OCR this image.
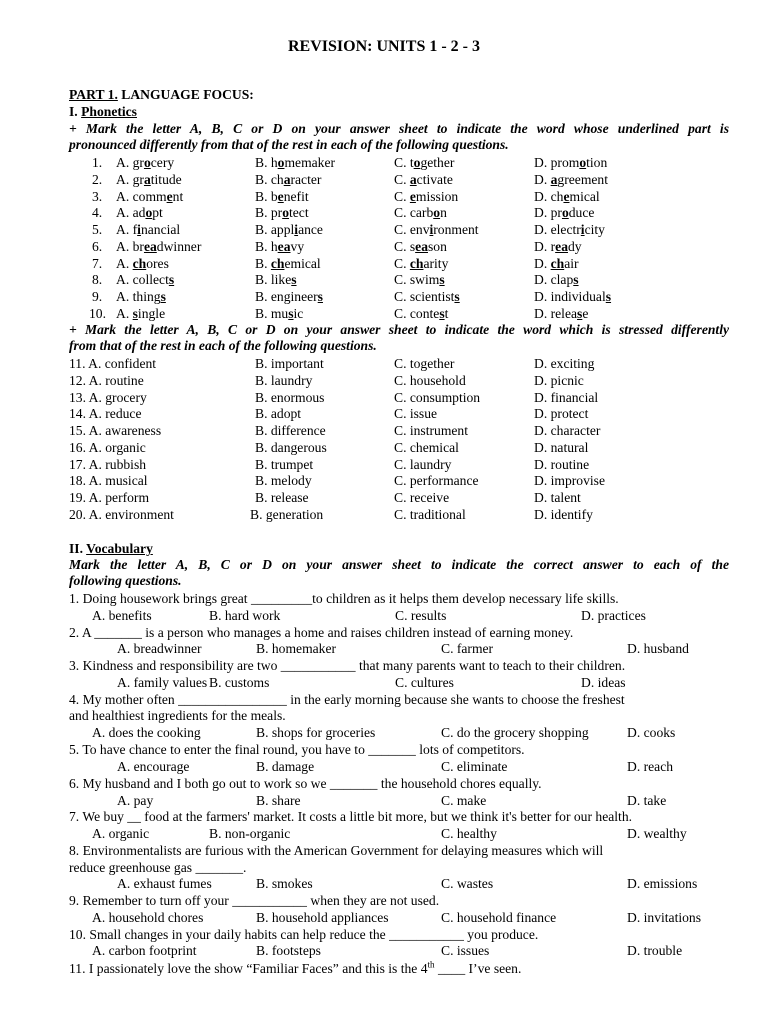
REVISION: UNITS 1 - 2 - 3
PART 1. LANGUAGE FOCUS:
I. Phonetics
+ Mark the letter A, B, C or D on your answer sheet to indicate the word whose underlined part is
pronounced differently from that of the rest in each of the following questions.
1. A. grocery	B. homemaker	C. together	D. promotion
2. A. gratitude	B. character	C. activate	D. agreement
3. A. comment	B. benefit	C. emission	D. chemical
4. A. adopt	B. protect	C. carbon	D. produce
5. A. financial	B. appliance	C. environment	D. electricity
6. A. breadwinner	B. heavy	C. season	D. ready
7. A. chores	B. chemical	C. charity	D. chair
8. A. collects	B. likes	C. swims	D. claps
9. A. things	B. engineers	C. scientists	D. individuals
10. A. single	B. music	C. contest	D. release
+ Mark the letter A, B, C or D on your answer sheet to indicate the word which is stressed differently
from that of the rest in each of the following questions.
11. A. confident	B. important	C. together	D. exciting
12. A. routine	B. laundry	C. household	D. picnic
13. A. grocery	B. enormous	C. consumption	D. financial
14. A. reduce	B. adopt	C. issue	D. protect
15. A. awareness	B. difference	C. instrument	D. character
16. A. organic	B. dangerous	C. chemical	D. natural
17. A. rubbish	B. trumpet	C. laundry	D. routine
18. A. musical	B. melody	C. performance	D. improvise
19. A. perform	B. release	C. receive	D. talent
20. A. environment	B. generation	C. traditional	D. identify
II. Vocabulary
Mark the letter A, B, C or D on your answer sheet to indicate the correct answer to each of the
following questions.
1. Doing housework brings great _________to children as it helps them develop necessary life skills.
A. benefits	B. hard work	C. results	D. practices
2. A _______ is a person who manages a home and raises children instead of earning money.
A. breadwinner	B. homemaker	C. farmer	D. husband
3. Kindness and responsibility are two ___________ that many parents want to teach to their children.
A. family values B. customs	C. cultures	D. ideas
4. My mother often ________________ in the early morning because she wants to choose the freshest
and healthiest ingredients for the meals.
A. does the cooking	B. shops for groceries	C. do the grocery shopping	D. cooks
5. To have chance to enter the final round, you have to _______ lots of competitors.
A. encourage	B. damage	C. eliminate	D. reach
6. My husband and I both go out to work so we _______ the household chores equally.
A. pay	B. share	C. make	D. take
7. We buy __ food at the farmers' market. It costs a little bit more, but we think it's better for our health.
A. organic	B. non-organic	C. healthy	D. wealthy
8. Environmentalists are furious with the American Government for delaying measures which will
reduce greenhouse gas _______.
A. exhaust fumes	B. smokes	C. wastes	D. emissions
9. Remember to turn off your ___________ when they are not used.
A. household chores	B. household appliances	C. household finance	D. invitations
10. Small changes in your daily habits can help reduce the ___________ you produce.
A. carbon footprint	B. footsteps	C. issues	D. trouble
11. I passionately love the show “Familiar Faces” and this is the 4th ____ I’ve seen.
